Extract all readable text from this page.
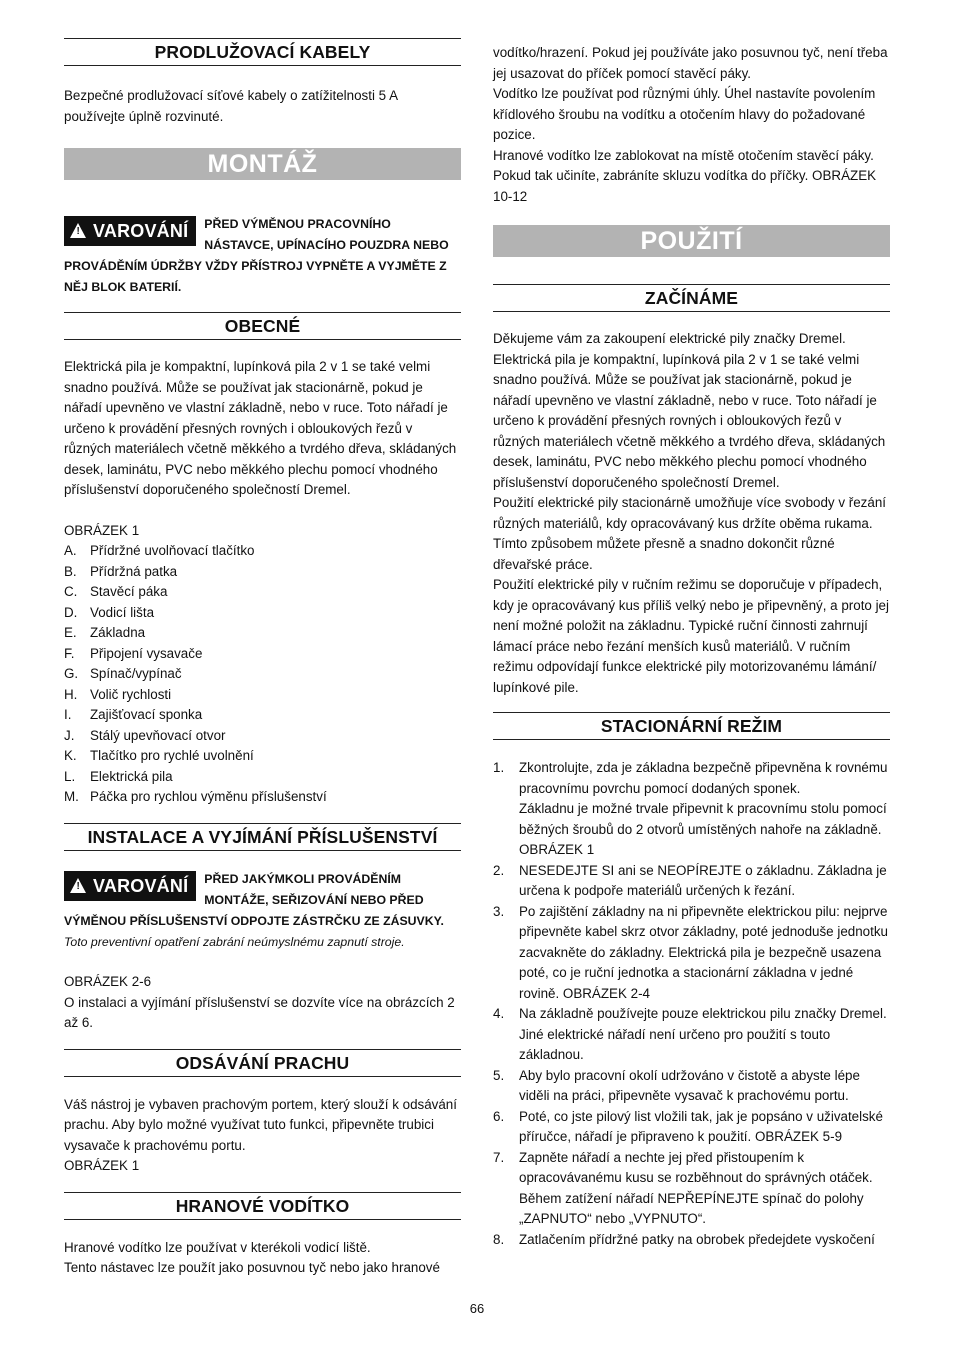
PRODLUŽOVACÍ KABELY

Bezpečné prodlužovací síťové kabely o zatížitelnosti 5 A používejte úplně rozvinuté.

MONTÁŽ
! VAROVÁNÍ	PŘED VÝMĚNOU PRACOVNÍHO NÁSTAVCE, UPÍNACÍHO POUZDRA NEBO PROVÁDĚNÍM ÚDRŽBY VŽDY PŘÍSTROJ VYPNĚTE A VYJMĚTE Z NĚJ BLOK BATERIÍ.
OBECNÉ

Elektrická pila je kompaktní, lupínková pila 2 v 1 se také velmi snadno používá. Může se používat jak stacionárně, pokud je nářadí upevněno ve vlastní základně, nebo v ruce. Toto nářadí je určeno k provádění přesných rovných i obloukových řezů v různých materiálech včetně měkkého a tvrdého dřeva, skládaných desek, laminátu, PVC nebo měkkého plechu pomocí vhodného příslušenství doporučeného společností Dremel.

OBRÁZEK 1

A. Přídržné uvolňovací tlačítko
B. Přídržná patka
C. Stavěcí páka
D. Vodicí lišta
E. Základna
F.	Připojení vysavače
G. Spínač/vypínač
H. Volič rychlosti
I.	Zajišťovací sponka
J.	Stálý upevňovací otvor
K. Tlačítko pro rychlé uvolnění
L.	Elektrická pila
M. Páčka pro rychlou výměnu příslušenství
INSTALACE A VYJÍMÁNÍ PŘÍSLUŠENSTVÍ
! VAROVÁNÍ	PŘED JAKÝMKOLI PROVÁDĚNÍM MONTÁŽE, SEŘIZOVÁNÍ NEBO PŘED VÝMĚNOU PŘÍSLUŠENSTVÍ ODPOJTE ZÁSTRČKU ZE ZÁSUVKY.

Toto preventivní opatření zabrání neúmyslnému zapnutí stroje.

OBRÁZEK 2-6

O instalaci a vyjímání příslušenství se dozvíte více na obrázcích 2 až 6.

ODSÁVÁNÍ PRACHU

Váš nástroj je vybaven prachovým portem, který slouží k odsávání prachu. Aby bylo možné využívat tuto funkci, připevněte trubici vysavače k prachovému portu.

OBRÁZEK 1

HRANOVÉ VODÍTKO

Hranové vodítko lze používat v kterékoli vodicí liště.

Tento nástavec lze použít jako posuvnou tyč nebo jako hranové

vodítko/hrazení. Pokud jej používáte jako posuvnou tyč, není třeba jej usazovat do příček pomocí stavěcí páky.

Vodítko lze používat pod různými úhly. Úhel nastavíte povolením křídlového šroubu na vodítku a otočením hlavy do požadované pozice.

Hranové vodítko lze zablokovat na místě otočením stavěcí páky. Pokud tak učiníte, zabráníte skluzu vodítka do příčky. OBRÁZEK 10-12

POUŽITÍ
ZAČÍNÁME

Děkujeme vám za zakoupení elektrické pily značky Dremel. Elektrická pila je kompaktní, lupínková pila 2 v 1 se také velmi snadno používá. Může se používat jak stacionárně, pokud je nářadí upevněno ve vlastní základně, nebo v ruce. Toto nářadí je určeno k provádění přesných rovných i obloukových řezů v různých materiálech včetně měkkého a tvrdého dřeva, skládaných desek, laminátu, PVC nebo měkkého plechu pomocí vhodného příslušenství doporučeného společností Dremel.

Použití elektrické pily stacionárně umožňuje více svobody v řezání různých materiálů, kdy opracovávaný kus držíte oběma rukama. Tímto způsobem můžete přesně a snadno dokončit různé dřevařské práce.

Použití elektrické pily v ručním režimu se doporučuje v případech, kdy je opracovávaný kus příliš velký nebo je připevněný, a proto jej není možné položit na základnu. Typické ruční činnosti zahrnují lámací práce nebo řezání menších kusů materiálů. V ručním režimu odpovídají funkce elektrické pily motorizovanému lámání/ lupínkové pile.

STACIONÁRNÍ REŽIM
1.	Zkontrolujte, zda je základna bezpečně připevněna k rovnému pracovnímu povrchu pomocí dodaných sponek.

Základnu je možné trvale připevnit k pracovnímu stolu pomocí běžných šroubů do 2 otvorů umístěných nahoře na základně. OBRÁZEK 1

2.	NESEDEJTE SI ani se NEOPÍREJTE o základnu. Základna je určena k podpoře materiálů určených k řezání.

3.	Po zajištění základny na ni připevněte elektrickou pilu: nejprve připevněte kabel skrz otvor základny, poté jednoduše jednotku zacvakněte do základny. Elektrická pila je bezpečně usazena poté, co je ruční jednotka a stacionární základna v jedné rovině. OBRÁZEK 2-4

4.	Na základně používejte pouze elektrickou pilu značky Dremel. Jiné elektrické nářadí není určeno pro použití s touto základnou.

5.	Aby bylo pracovní okolí udržováno v čistotě a abyste lépe viděli na práci, připevněte vysavač k prachovému portu.

6.	Poté, co jste pilový list vložili tak, jak je popsáno v uživatelské příručce, nářadí je připraveno k použití. OBRÁZEK 5-9

7.	Zapněte nářadí a nechte jej před přistoupením k opracovávanému kusu se rozběhnout do správných otáček. Během zatížení nářadí NEPŘEPÍNEJTE spínač do polohy „ZAPNUTO“ nebo „VYPNUTO“.

8.	Zatlačením přídržné patky na obrobek předejdete vyskočení

66
